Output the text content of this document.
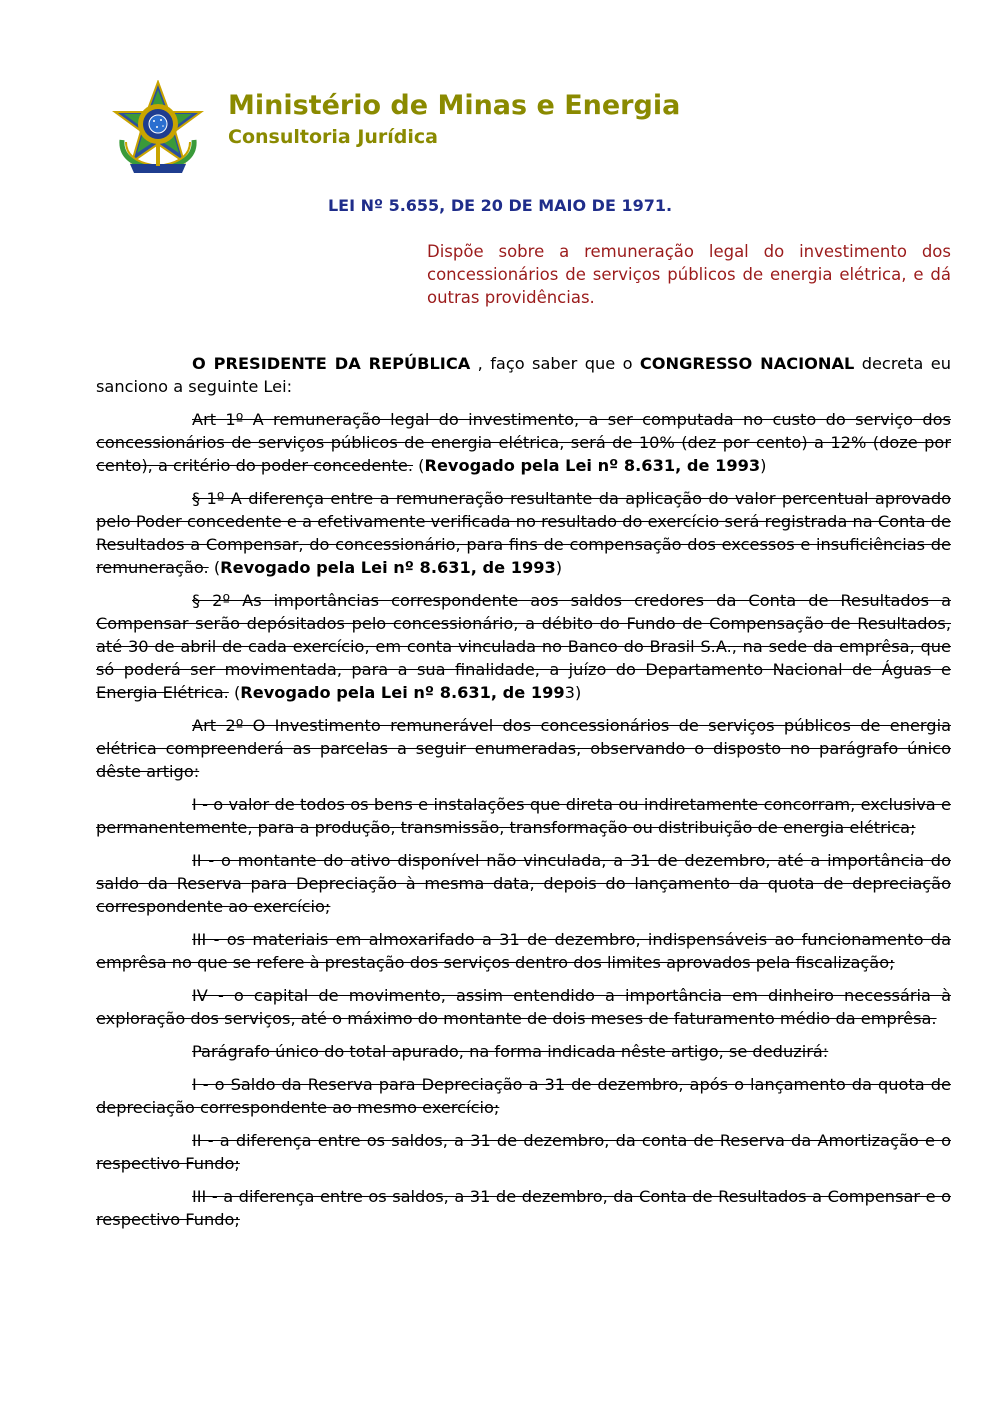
Ministério de Minas e Energia
Consultoria Jurídica
LEI Nº 5.655, DE 20 DE MAIO DE 1971.
Dispõe sobre a remuneração legal do investimento dos concessionários de serviços públicos de energia elétrica, e dá outras providências.

O PRESIDENTE DA REPÚBLICA , faço saber que o CONGRESSO NACIONAL decreta eu sanciono a seguinte Lei:

Art 1º A remuneração legal do investimento, a ser computada no custo do serviço dos concessionários de serviços públicos de energia elétrica, será de 10% (dez por cento) a 12% (doze por cento), a critério do poder concedente. (Revogado pela Lei nº 8.631, de 1993)

§ 1º A diferença entre a remuneração resultante da aplicação do valor percentual aprovado pelo Poder concedente e a efetivamente verificada no resultado do exercício será registrada na Conta de Resultados a Compensar, do concessionário, para fins de compensação dos excessos e insuficiências de remuneração. (Revogado pela Lei nº 8.631, de 1993)

§ 2º As importâncias correspondente aos saldos credores da Conta de Resultados a Compensar serão depósitados pelo concessionário, a débito do Fundo de Compensação de Resultados, até 30 de abril de cada exercício, em conta vinculada no Banco do Brasil S.A., na sede da emprêsa, que só poderá ser movimentada, para a sua finalidade, a juízo do Departamento Nacional de Águas e Energia Elétrica. (Revogado pela Lei nº 8.631, de 1993)

Art 2º O Investimento remunerável dos concessionários de serviços públicos de energia elétrica compreenderá as parcelas a seguir enumeradas, observando o disposto no parágrafo único dêste artigo:

I - o valor de todos os bens e instalações que direta ou indiretamente concorram, exclusiva e permanentemente, para a produção, transmissão, transformação ou distribuição de energia elétrica;

II - o montante do ativo disponível não vinculada, a 31 de dezembro, até a importância do saldo da Reserva para Depreciação à mesma data, depois do lançamento da quota de depreciação correspondente ao exercício;

III - os materiais em almoxarifado a 31 de dezembro, indispensáveis ao funcionamento da emprêsa no que se refere à prestação dos serviços dentro dos limites aprovados pela fiscalização;

IV - o capital de movimento, assim entendido a importância em dinheiro necessária à exploração dos serviços, até o máximo do montante de dois meses de faturamento médio da emprêsa.

Parágrafo único do total apurado, na forma indicada nêste artigo, se deduzirá:

I - o Saldo da Reserva para Depreciação a 31 de dezembro, após o lançamento da quota de depreciação correspondente ao mesmo exercício;

II - a diferença entre os saldos, a 31 de dezembro, da conta de Reserva da Amortização e o respectivo Fundo;

III - a diferença entre os saldos, a 31 de dezembro, da Conta de Resultados a Compensar e o respectivo Fundo;
